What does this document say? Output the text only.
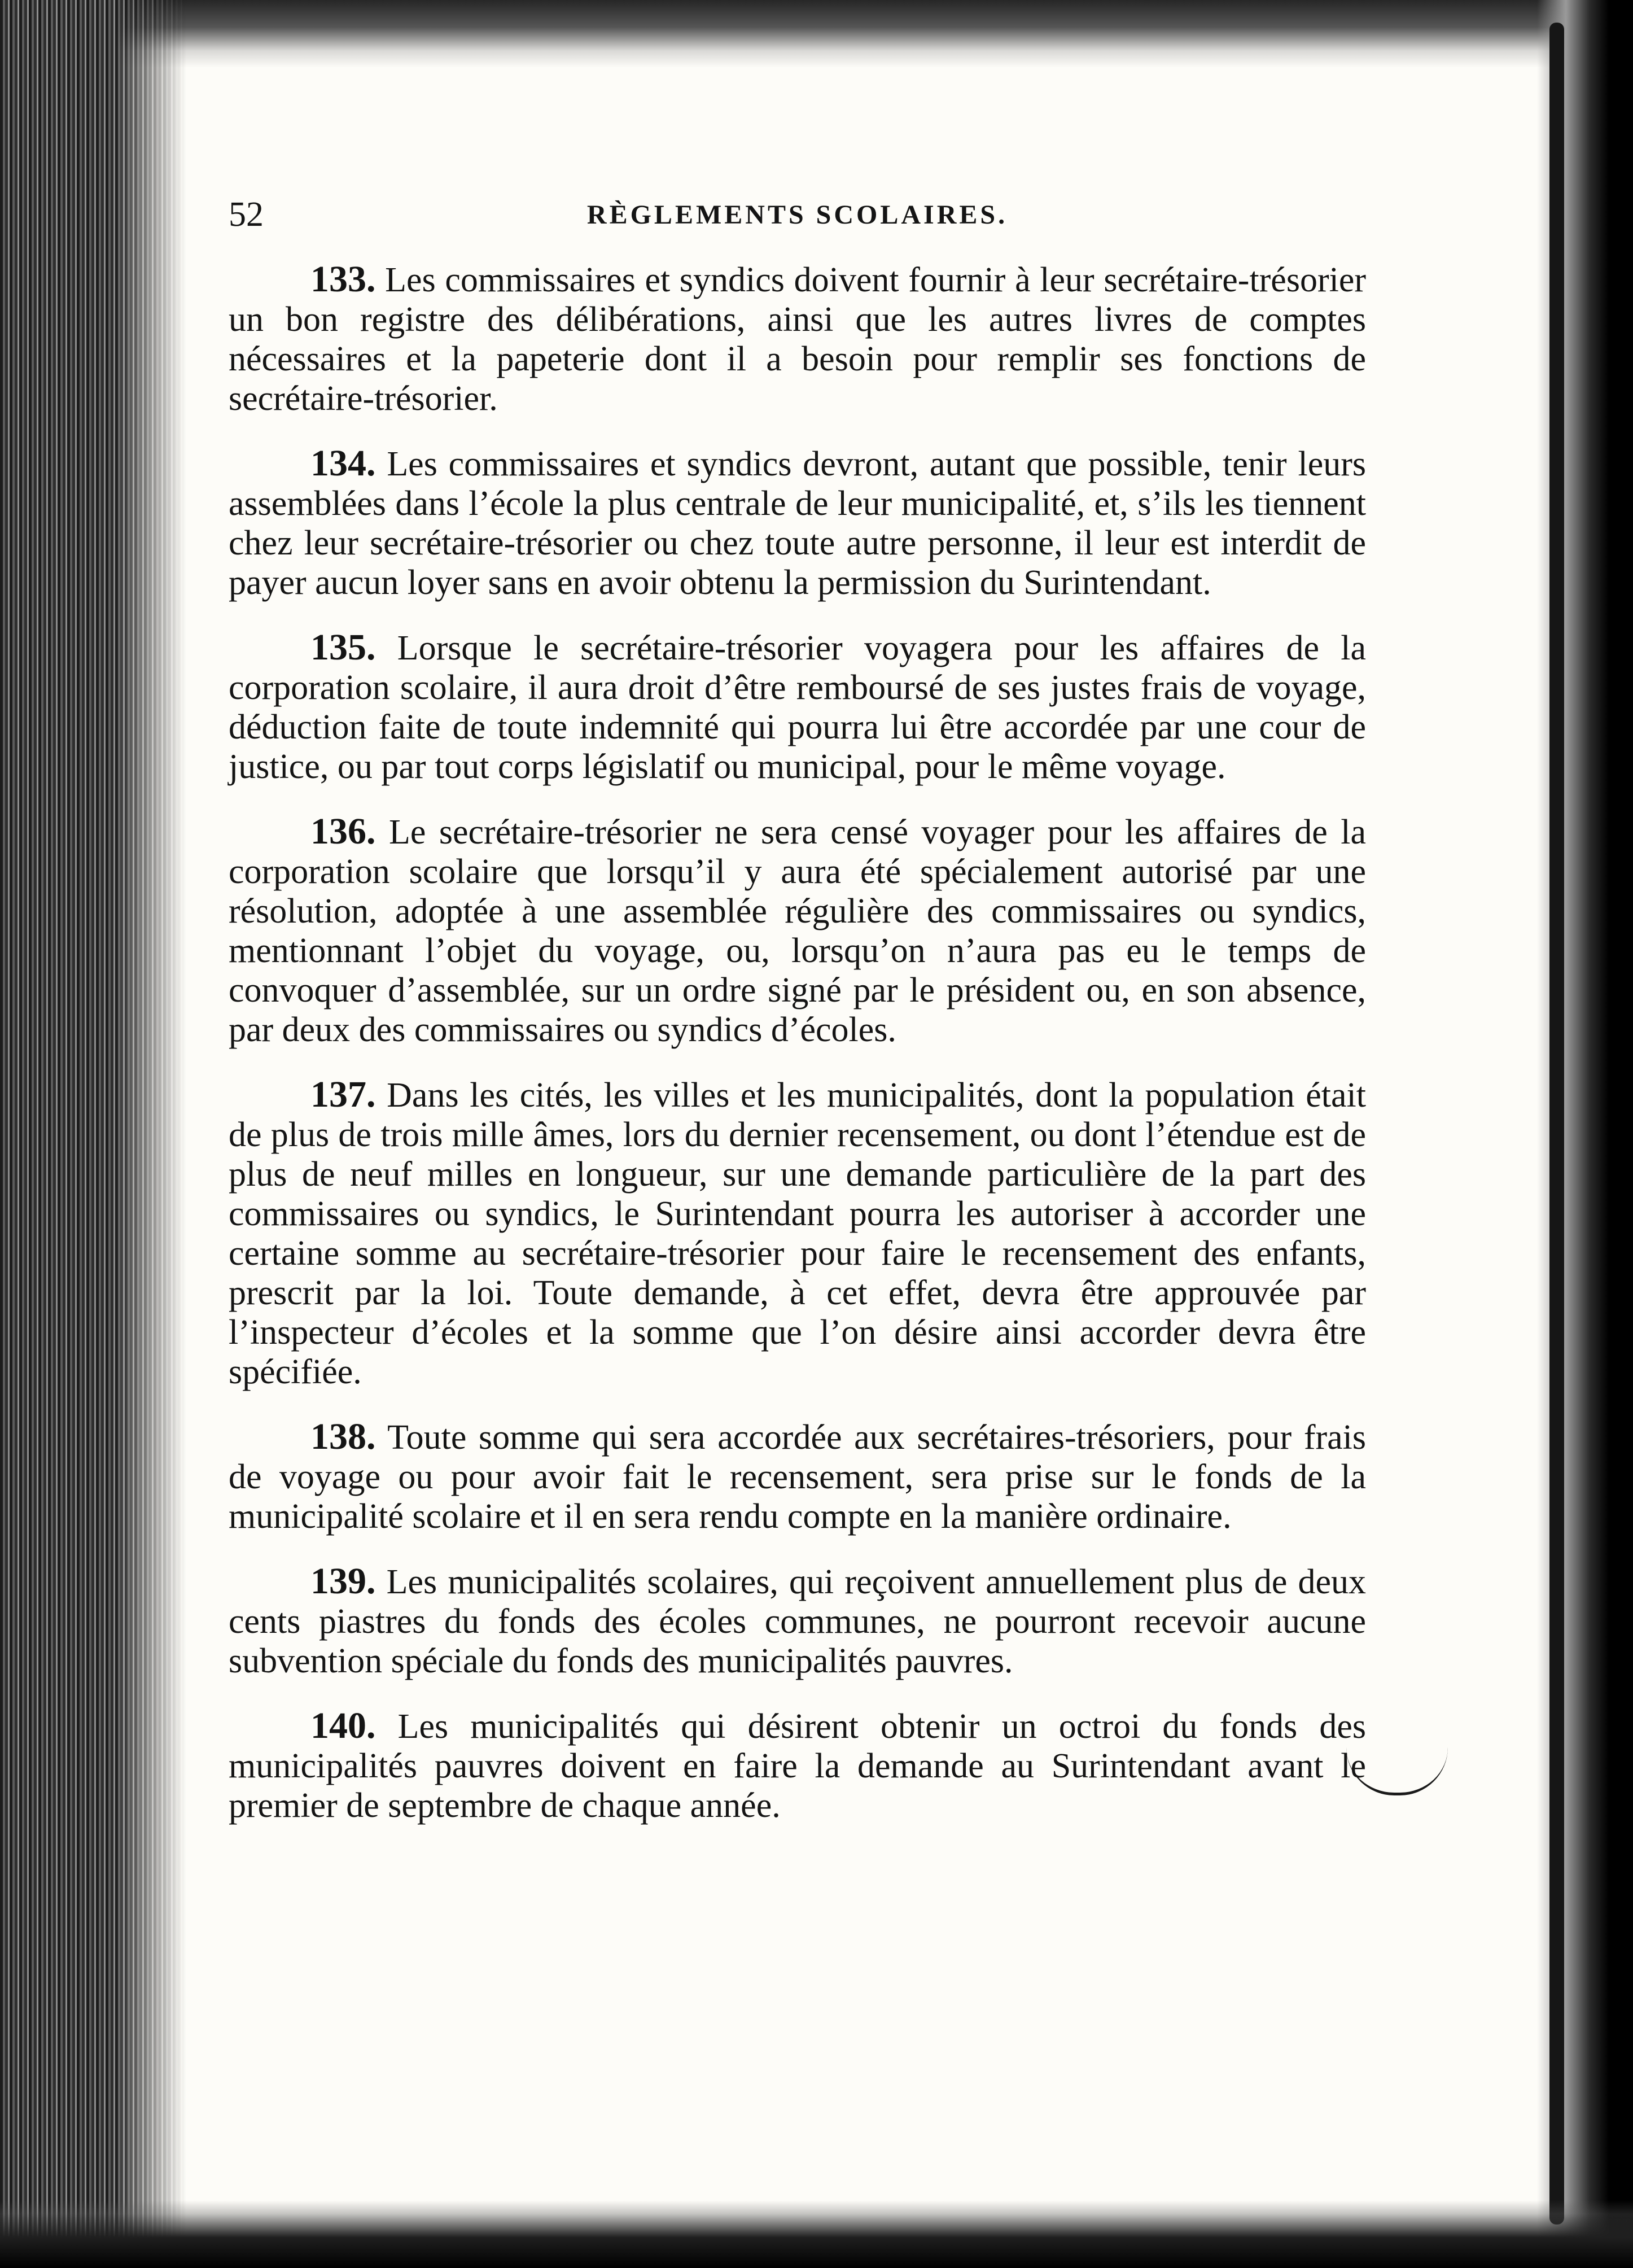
52	RÈGLEMENTS SCOLAIRES.

133. Les commissaires et syndics doivent fournir à leur secrétaire-trésorier un bon registre des délibérations, ainsi que les autres livres de comptes nécessaires et la papeterie dont il a besoin pour remplir ses fonctions de secrétaire-trésorier.

134. Les commissaires et syndics devront, autant que possible, tenir leurs assemblées dans l’école la plus centrale de leur municipalité, et, s’ils les tiennent chez leur secrétaire-trésorier ou chez toute autre personne, il leur est interdit de payer aucun loyer sans en avoir obtenu la permission du Surintendant.

135. Lorsque le secrétaire-trésorier voyagera pour les affaires de la corporation scolaire, il aura droit d’être remboursé de ses justes frais de voyage, déduction faite de toute indemnité qui pourra lui être accordée par une cour de justice, ou par tout corps législatif ou municipal, pour le même voyage.

136. Le secrétaire-trésorier ne sera censé voyager pour les affaires de la corporation scolaire que lorsqu’il y aura été spécialement autorisé par une résolution, adoptée à une assemblée régulière des commissaires ou syndics, mentionnant l’objet du voyage, ou, lorsqu’on n’aura pas eu le temps de convoquer d’assemblée, sur un ordre signé par le président ou, en son absence, par deux des commissaires ou syndics d’écoles.

137. Dans les cités, les villes et les municipalités, dont la population était de plus de trois mille âmes, lors du dernier recensement, ou dont l’étendue est de plus de neuf milles en longueur, sur une demande particulière de la part des commissaires ou syndics, le Surintendant pourra les autoriser à accorder une certaine somme au secrétaire-trésorier pour faire le recensement des enfants, prescrit par la loi. Toute demande, à cet effet, devra être approuvée par l’inspecteur d’écoles et la somme que l’on désire ainsi accorder devra être spécifiée.

138. Toute somme qui sera accordée aux secrétaires-trésoriers, pour frais de voyage ou pour avoir fait le recensement, sera prise sur le fonds de la municipalité scolaire et il en sera rendu compte en la manière ordinaire.

139. Les municipalités scolaires, qui reçoivent annuellement plus de deux cents piastres du fonds des écoles communes, ne pourront recevoir aucune subvention spéciale du fonds des municipalités pauvres.

140. Les municipalités qui désirent obtenir un octroi du fonds des municipalités pauvres doivent en faire la demande au Surintendant avant le premier de septembre de chaque année.
